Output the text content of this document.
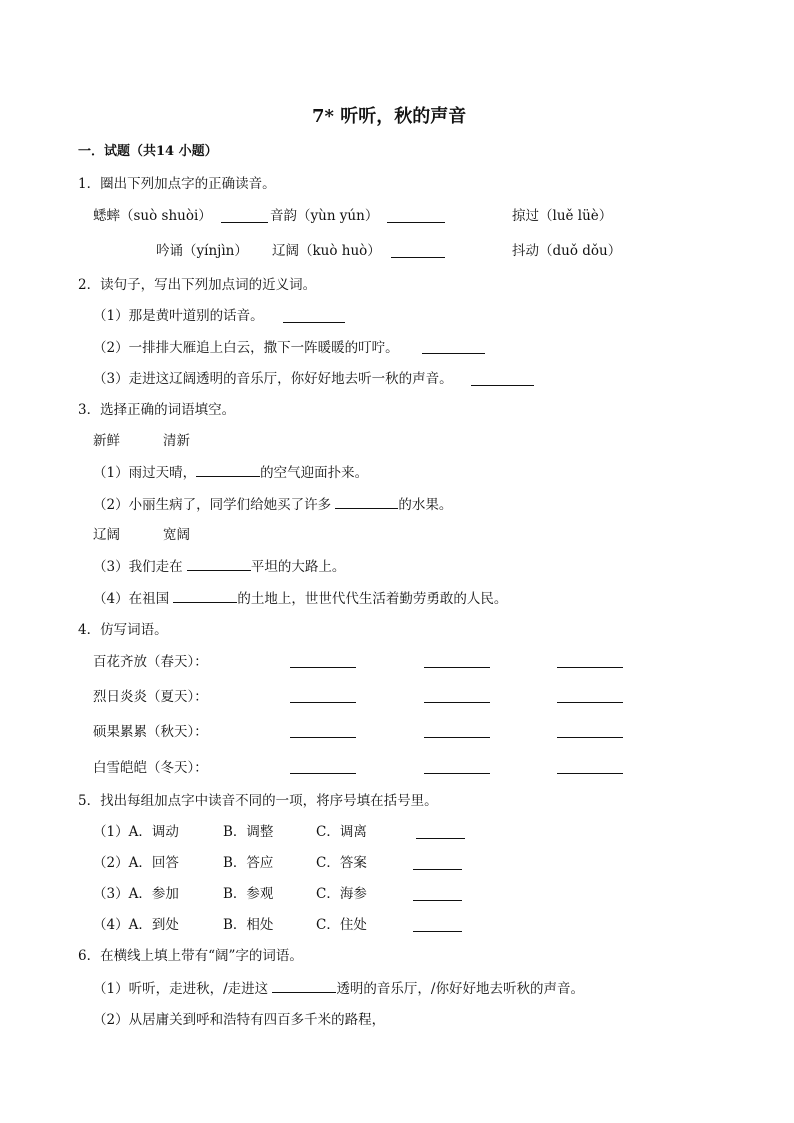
7* 听听，秋的声音
一．试题（共14 小题）
1．圈出下列加点字的正确读音。
蟋蟀（suò shuòi）	音韵（yùn yún）	掠过（luě lüè）
吟诵（yínjìn） 辽阔（kuò huò）	抖动（duǒ dǒu）
2．读句子，写出下列加点词的近义词。
（1）那是黄叶道别的话音。
（2）一排排大雁追上白云，撒下一阵暖暖的叮咛。
（3）走进这辽阔透明的音乐厅，你好好地去听一秋的声音。
3．选择正确的词语填空。
新鲜	清新
（1）雨过天晴，	的空气迎面扑来。
（2）小丽生病了，同学们给她买了许多	的水果。
辽阔	宽阔
（3）我们走在	平坦的大路上。
（4）在祖国	的土地上，世世代代生活着勤劳勇敢的人民。
4．仿写词语。
百花齐放（春天）：
烈日炎炎（夏天）：
硕果累累（秋天）：
白雪皑皑（冬天）：
5．找出每组加点字中读音不同的一项，将序号填在括号里。
（1）A．调动	B．调整	C．调离
（2）A．回答	B．答应	C．答案
（3）A．参加	B．参观	C．海参
（4）A．到处	B．相处	C．住处
6．在横线上填上带有“阔”字的词语。
（1）听听，走进秋，/走进这	透明的音乐厅，/你好好地去听秋的声音。
（2）从居庸关到呼和浩特有四百多千米的路程，
